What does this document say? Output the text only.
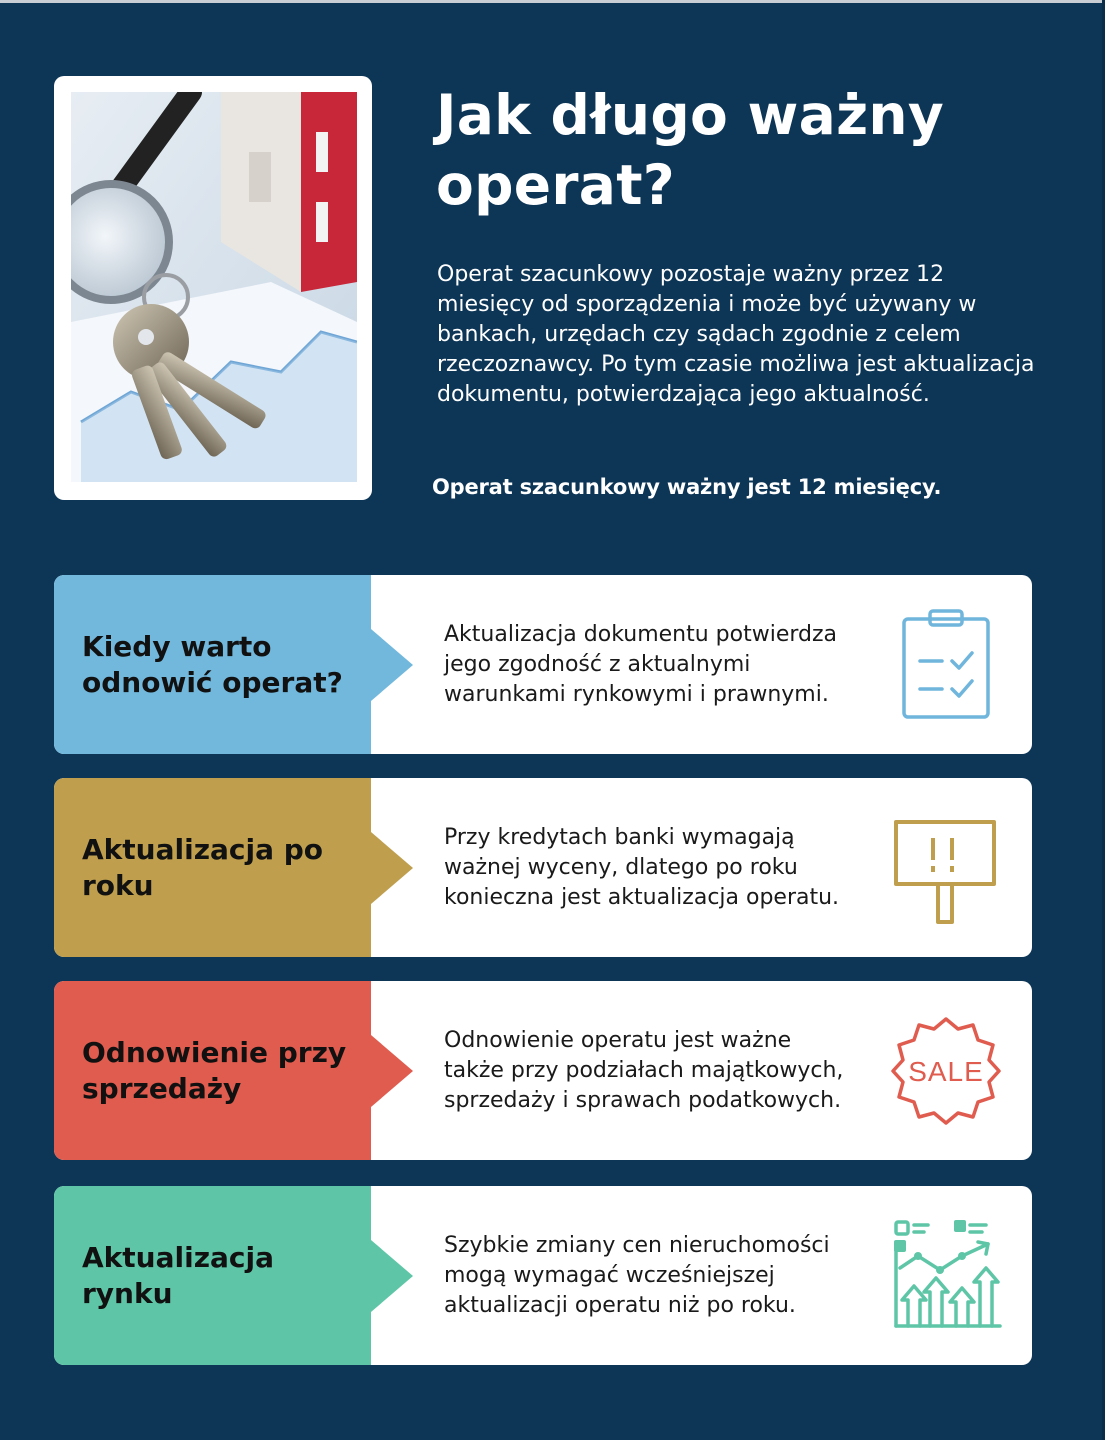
Jak długo ważny operat?

Operat szacunkowy pozostaje ważny przez 12 miesięcy od sporządzenia i może być używany w bankach, urzędach czy sądach zgodnie z celem rzeczoznawcy. Po tym czasie możliwa jest aktualizacja dokumentu, potwierdzająca jego aktualność.

Operat szacunkowy ważny jest 12 miesięcy.

Kiedy warto odnowić operat?

Aktualizacja dokumentu potwierdza jego zgodność z aktualnymi warunkami rynkowymi i prawnymi.

Aktualizacja po roku

Przy kredytach banki wymagają ważnej wyceny, dlatego po roku konieczna jest aktualizacja operatu.

Odnowienie przy sprzedaży

Odnowienie operatu jest ważne także przy podziałach majątkowych, sprzedaży i sprawach podatkowych.

SALE
Aktualizacja rynku

Szybkie zmiany cen nieruchomości mogą wymagać wcześniejszej aktualizacji operatu niż po roku.
